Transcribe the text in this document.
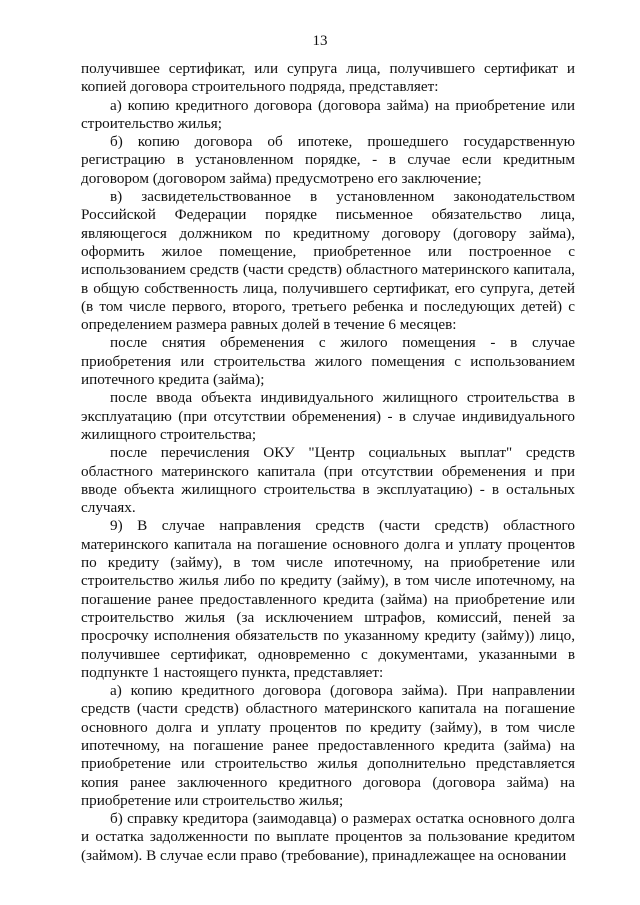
13

получившее сертификат, или супруга лица, получившего сертификат и копией договора строительного подряда, представляет:

а) копию кредитного договора (договора займа) на приобретение или строительство жилья;

б) копию договора об ипотеке, прошедшего государственную регистрацию в установленном порядке, - в случае если кредитным договором (договором займа) предусмотрено его заключение;

в) засвидетельствованное в установленном законодательством Российской Федерации порядке письменное обязательство лица, являющегося должником по кредитному договору (договору займа), оформить жилое помещение, приобретенное или построенное с использованием средств (части средств) областного материнского капитала, в общую собственность лица, получившего сертификат, его супруга, детей (в том числе первого, второго, третьего ребенка и последующих детей) с определением размера равных долей в течение 6 месяцев:

после снятия обременения с жилого помещения - в случае приобретения или строительства жилого помещения с использованием ипотечного кредита (займа);

после ввода объекта индивидуального жилищного строительства в эксплуатацию (при отсутствии обременения) - в случае индивидуального жилищного строительства;

после перечисления ОКУ "Центр социальных выплат" средств областного материнского капитала (при отсутствии обременения и при вводе объекта жилищного строительства в эксплуатацию) - в остальных случаях.

9) В случае направления средств (части средств) областного материнского капитала на погашение основного долга и уплату процентов по кредиту (займу), в том числе ипотечному, на приобретение или строительство жилья либо по кредиту (займу), в том числе ипотечному, на погашение ранее предоставленного кредита (займа) на приобретение или строительство жилья (за исключением штрафов, комиссий, пеней за просрочку исполнения обязательств по указанному кредиту (займу)) лицо, получившее сертификат, одновременно с документами, указанными в подпункте 1 настоящего пункта, представляет:

а) копию кредитного договора (договора займа). При направлении средств (части средств) областного материнского капитала на погашение основного долга и уплату процентов по кредиту (займу), в том числе ипотечному, на погашение ранее предоставленного кредита (займа) на приобретение или строительство жилья дополнительно представляется копия ранее заключенного кредитного договора (договора займа) на приобретение или строительство жилья;

б) справку кредитора (заимодавца) о размерах остатка основного долга и остатка задолженности по выплате процентов за пользование кредитом (займом). В случае если право (требование), принадлежащее на основании
